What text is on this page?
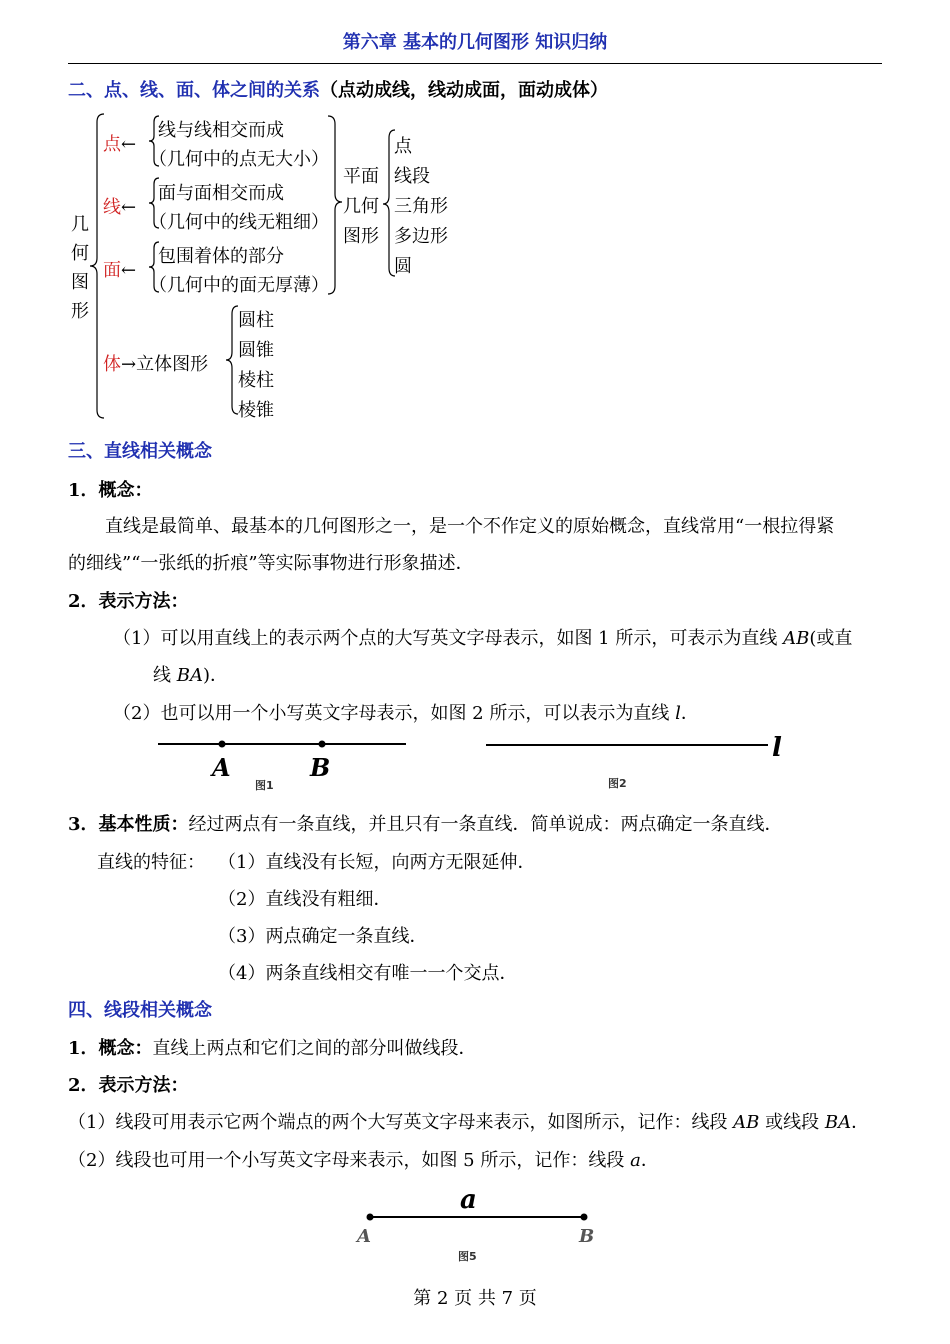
第六章 基本的几何图形 知识归纳
二、点、线、面、体之间的关系（点动成线，线动成面，面动成体）
几
何
图
形
点←
线与线相交而成
（几何中的点无大小）
线←
面与面相交而成
（几何中的线无粗细）
面←
包围着体的部分
（几何中的面无厚薄）
平面
几何
图形
点
线段
三角形
多边形
圆
体→立体图形
圆柱
圆锥
棱柱
棱锥
三、直线相关概念
1．概念：
直线是最简单、最基本的几何图形之一，是一个不作定义的原始概念，直线常用“一根拉得紧
的细线”“一张纸的折痕”等实际事物进行形象描述．
2．表示方法：
（1）可以用直线上的表示两个点的大写英文字母表示，如图 1 所示，可表示为直线 AB(或直
线 BA)．
（2）也可以用一个小写英文字母表示，如图 2 所示，可以表示为直线 l．
A	B
图1
l
图2
3．基本性质：经过两点有一条直线，并且只有一条直线．简单说成：两点确定一条直线．
直线的特征： （1）直线没有长短，向两方无限延伸．
（2）直线没有粗细．
（3）两点确定一条直线．
（4）两条直线相交有唯一一个交点．
四、线段相关概念
1．概念：直线上两点和它们之间的部分叫做线段．
2．表示方法：
（1）线段可用表示它两个端点的两个大写英文字母来表示，如图所示，记作：线段 AB 或线段 BA．
（2）线段也可用一个小写英文字母来表示，如图 5 所示，记作：线段 a．
a
A	B
图5
第 2 页 共 7 页
